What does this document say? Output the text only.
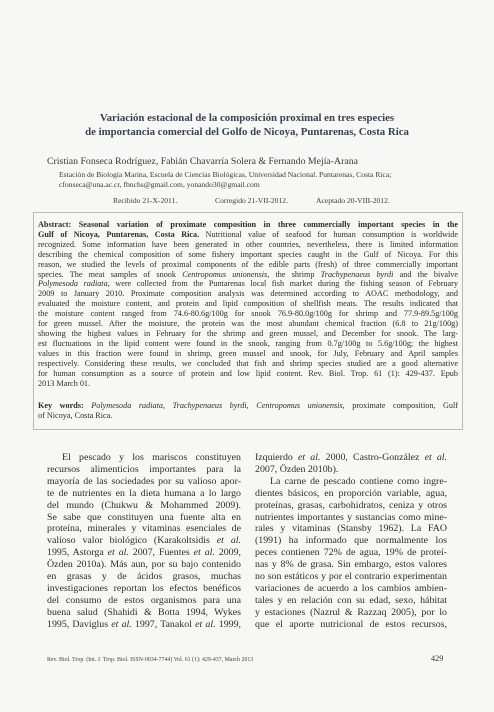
Variación estacional de la composición proximal en tres especies
de importancia comercial del Golfo de Nicoya, Puntarenas, Costa Rica
Cristian Fonseca Rodríguez, Fabián Chavarría Solera & Fernando Mejía-Arana
Estación de Biología Marina, Escuela de Ciencias Biológicas, Universidad Nacional. Puntarenas, Costa Rica;
cfonseca@una.ac.cr, fbnchs@gmail.com, yonando30@gmail.com
Recibido 21-X-2011.	Corregido 21-VII-2012.	Aceptado 20-VIII-2012.
Abstract: Seasonal variation of proximate composition in three commercially important species in the
Gulf of Nicoya, Puntarenas, Costa Rica. Nutritional value of seafood for human consumption is worldwide
recognized. Some information have been generated in other countries, nevertheless, there is limited information
describing the chemical composition of some fishery important species caught in the Gulf of Nicoya. For this
reason, we studied the levels of proximal components of the edible parts (fresh) of three commercially important
species. The meat samples of snook Centropomus unionensis, the shrimp Trachypenaeus byrdi and the bivalve
Polymesoda radiata, were collected from the Puntarenas local fish market during the fishing season of February
2009 to January 2010. Proximate composition analysis was determined according to AOAC methodology, and
evaluated the moisture content, and protein and lipid composition of shellfish meats. The results indicated that
the moisture content ranged from 74.6-80.6g/100g for snook 76.9-80.0g/100g for shrimp and 77.9-89.5g/100g
for green mussel. After the moisture, the protein was the most abundant chemical fraction (6.8 to 21g/100g)
showing the highest values in February for the shrimp and green mussel, and December for snook. The larg-
est fluctuations in the lipid content were found in the snook, ranging from 0.7g/100g to 5.6g/100g; the highest
values in this fraction were found in shrimp, green mussel and snook, for July, February and April samples
respectively. Considering these results, we concluded that fish and shrimp species studied are a good alternative
for human consumption as a source of protein and low lipid content. Rev. Biol. Trop. 61 (1): 429-437. Epub
2013 March 01.
Key words: Polymesoda radiata, Trachypenaeus byrdi, Centropomus unionensis, proximate composition, Gulf
of Nicoya, Costa Rica.
El pescado y los mariscos constituyen
recursos alimenticios importantes para la
mayoría de las sociedades por su valioso apor-
te de nutrientes en la dieta humana a lo largo
del mundo (Chukwu & Mohammed 2009).
Se sabe que constituyen una fuente alta en
proteína, minerales y vitaminas esenciales de
valioso valor biológico (Karakoltsidis et al.
1995, Astorga et al. 2007, Fuentes et al. 2009,
Özden 2010a). Más aun, por su bajo contenido
en grasas y de ácidos grasos, muchas
investigaciones reportan los efectos benéficos
del consumo de estos organismos para una
buena salud (Shahidi & Botta 1994, Wykes
1995, Daviglus et al. 1997, Tanakol et al. 1999,
Izquierdo et al. 2000, Castro-González et al.
2007, Özden 2010b).
La carne de pescado contiene como ingre-
dientes básicos, en proporción variable, agua,
proteínas, grasas, carbohidratos, ceniza y otros
nutrientes importantes y sustancias como mine-
rales y vitaminas (Stansby 1962). La FAO
(1991) ha informado que normalmente los
peces contienen 72% de agua, 19% de proteí-
nas y 8% de grasa. Sin embargo, estos valores
no son estáticos y por el contrario experimentan
variaciones de acuerdo a los cambios ambien-
tales y en relación con su edad, sexo, hábitat
y estaciones (Nazrul & Razzaq 2005), por lo
que el aporte nutricional de estos recursos,
Rev. Biol. Trop. (Int. J. Trop. Biol. ISSN-0034-7744) Vol. 61 (1): 429-437, March 2013	429
